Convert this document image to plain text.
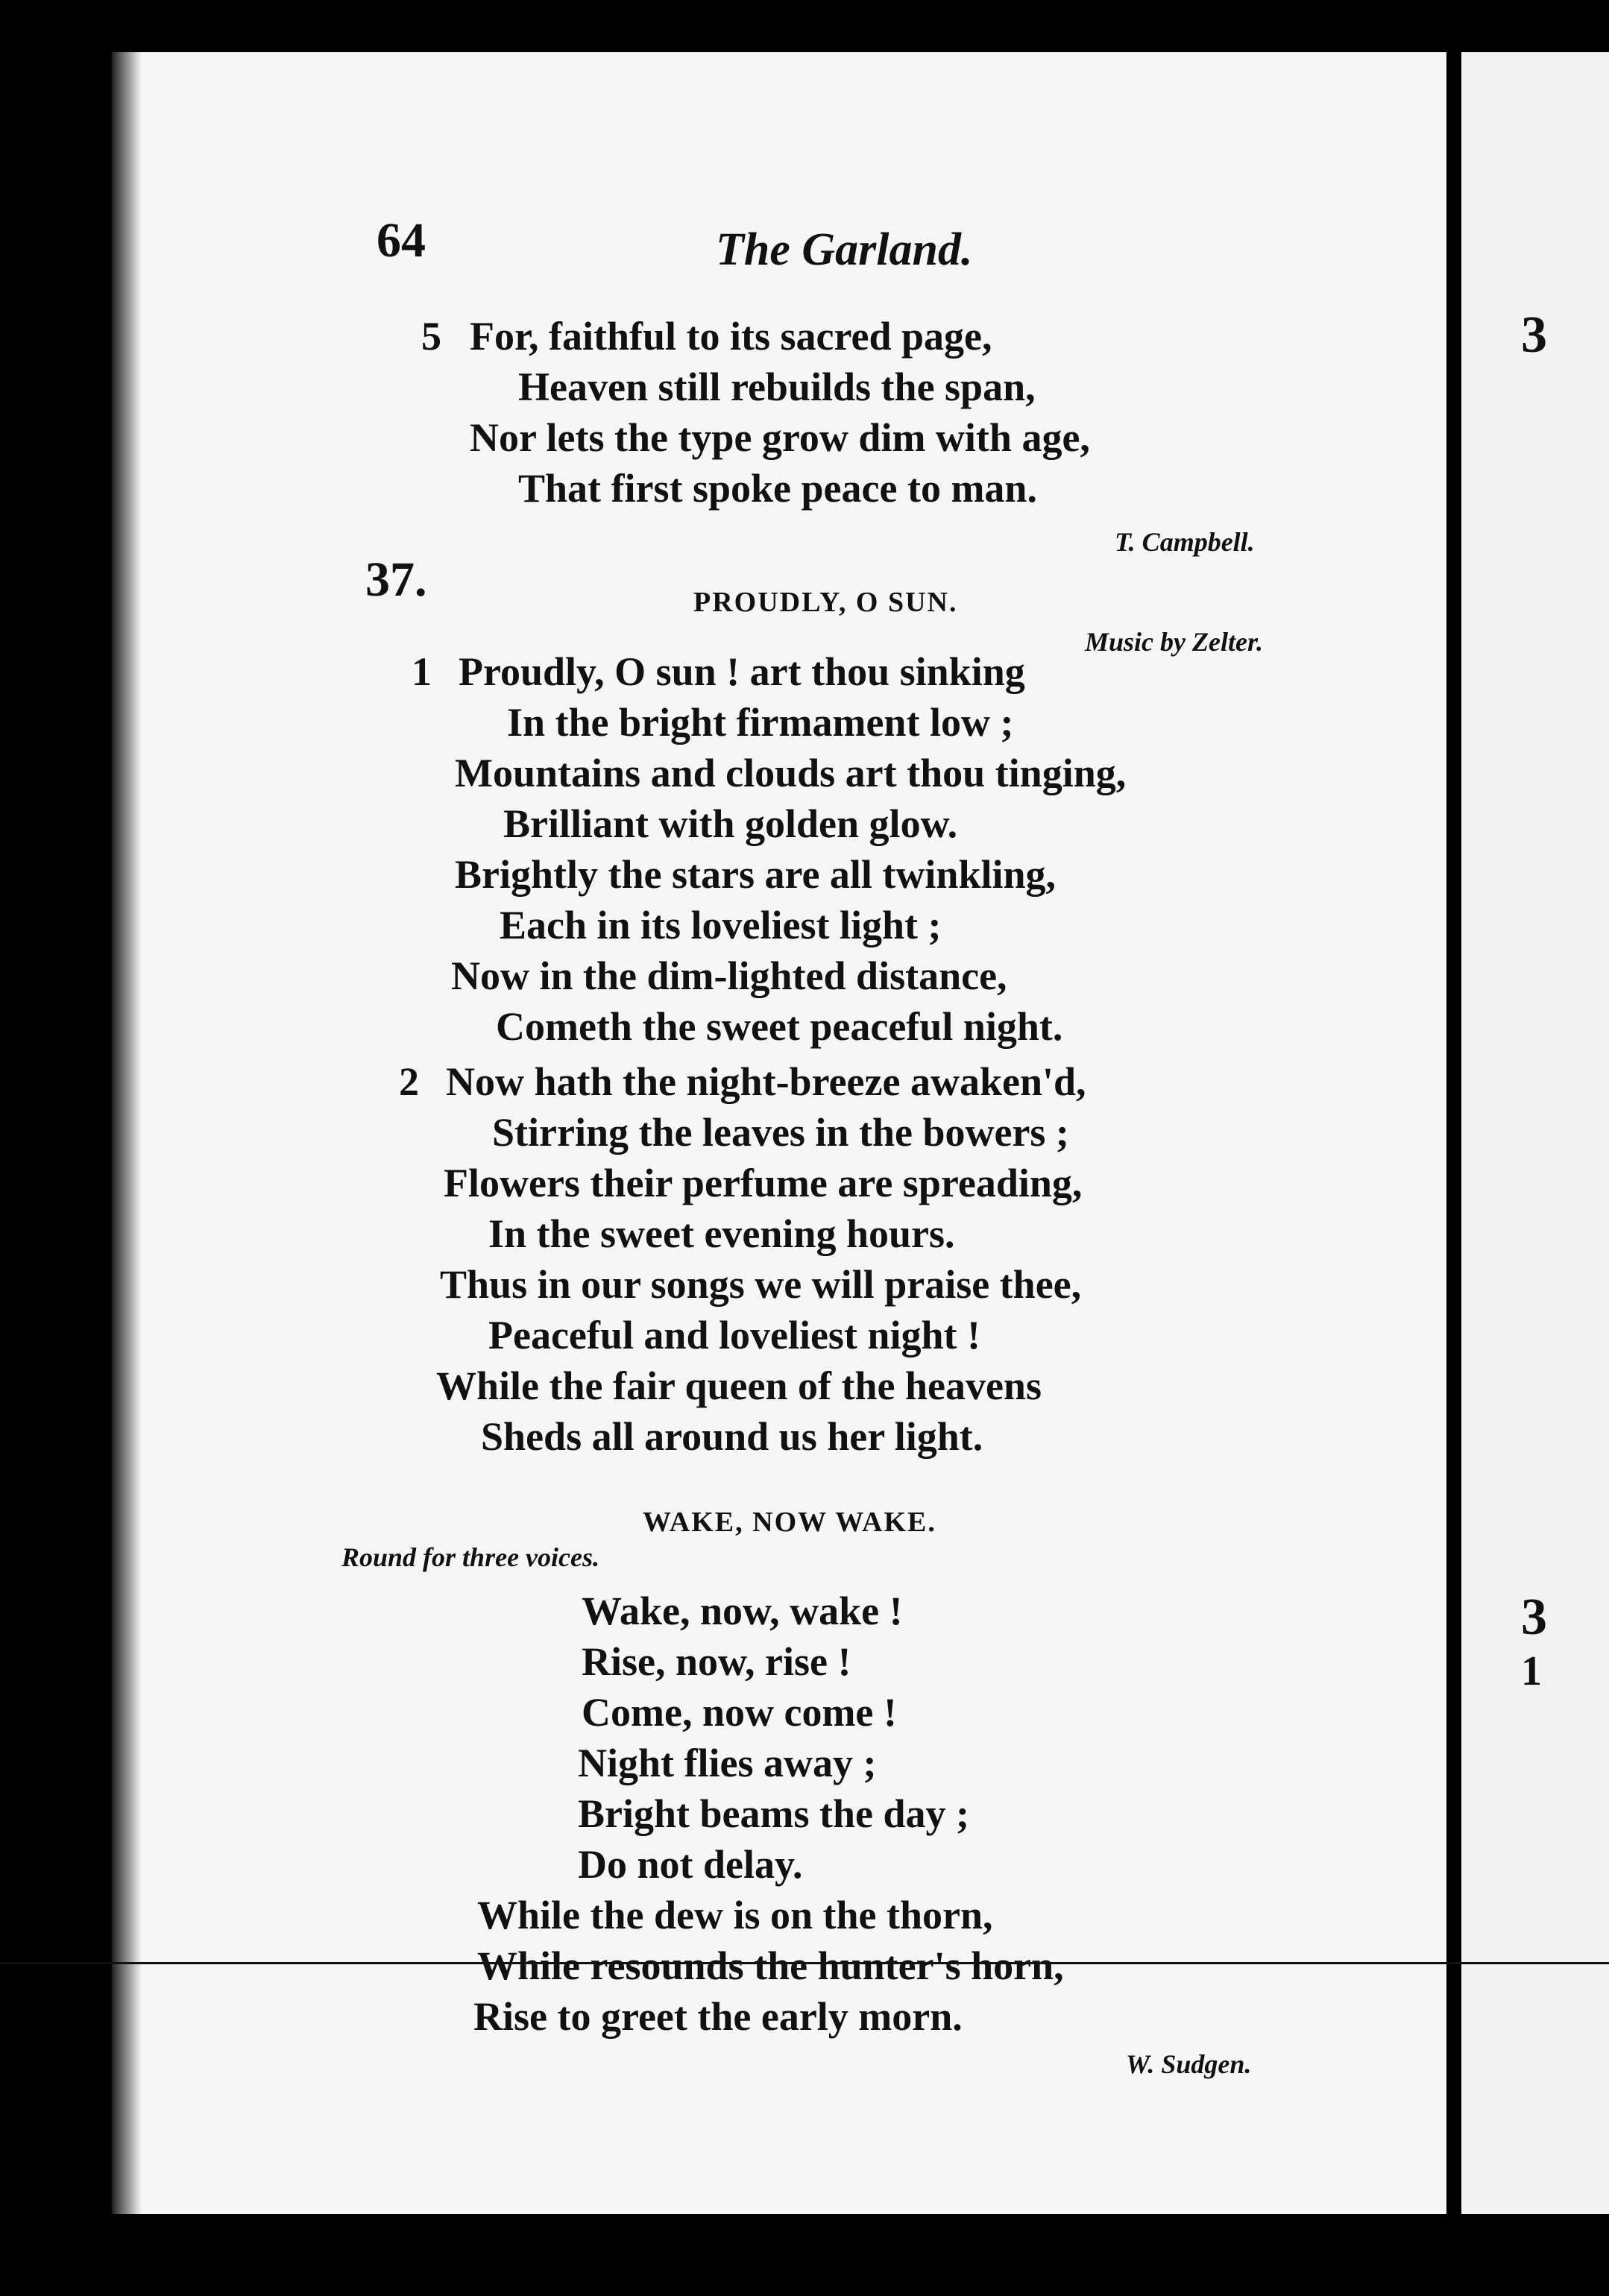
3
3
1
64	The Garland.
5 For, faithful to its sacred page,
Heaven still rebuilds the span,
Nor lets the type grow dim with age,
That first spoke peace to man.
T. Campbell.
37.	PROUDLY, O SUN.
Music by Zelter.
1 Proudly, O sun ! art thou sinking
In the bright firmament low ;
Mountains and clouds art thou tinging,
Brilliant with golden glow.
Brightly the stars are all twinkling,
Each in its loveliest light ;
Now in the dim-lighted distance,
Cometh the sweet peaceful night.
2 Now hath the night-breeze awaken'd,
Stirring the leaves in the bowers ;
Flowers their perfume are spreading,
In the sweet evening hours.
Thus in our songs we will praise thee,
Peaceful and loveliest night !
While the fair queen of the heavens
Sheds all around us her light.
WAKE, NOW WAKE.
Round for three voices.
Wake, now, wake !
Rise, now, rise !
Come, now come !
Night flies away ;
Bright beams the day ;
Do not delay.
While the dew is on the thorn,
While resounds the hunter's horn,
Rise to greet the early morn.
W. Sudgen.
